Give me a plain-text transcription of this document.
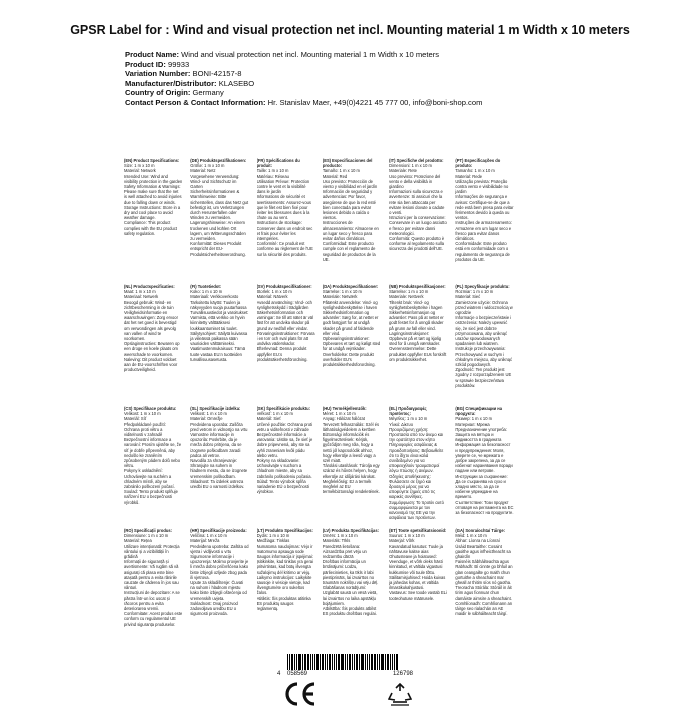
GPSR Label for : Wind and visual protection net incl. Mounting material 1 m Width x 10 meters
Product Name: Wind and visual protection net incl. Mounting material 1 m Width x 10 meters
Product ID: 99933
Variation Number: BONI-42157-8
Manufacturer/Distributor: KLASEBO
Country of Origin: Germany
Contact Person & Contact Information: Hr. Stanislav Maer, +49(0)4221 45 777 00, info@boni-shop.com
(EN) Product Specifications:
Size: 1 m x 10 m
Material: Network
Intended Use: Wind and visibility protection in the garden
Safety Information & Warnings: Please make sure that the net is well attached to avoid injuries due to falling down or winds.
Storage Instructions: Store in a dry and cool place to avoid weather damage.
Compliance: This product complies with the EU product safety regulation.
(DE) Produktspezifikationen:
Größe: 1 m x 10 m
Material: Netz
Vorgesehene Verwendung: Wind- und Sichtschutz im Garten
Sicherheitsinformationen & Warnhinweise: Bitte sicherstellen, dass das Netz gut befestigt ist, um Verletzungen durch Herunterfallen oder Winden zu vermeiden.
Lagerungshinweise: An einem trockenen und kühlen Ort lagern, um Witterungsschäden zu vermeiden.
Konformität: Dieses Produkt entspricht der EU-Produktsicherheitsverordnung.
(FR) Spécifications du produit:
Taille: 1 m x 10 m
Matériau: Réseau
Utilisation Prévue: Protection contre le vent et la visibilité dans le jardin
Informations de sécurité et avertissements: Assurez-vous que le filet est bien fixé pour éviter les blessures dues à la chute ou au vent.
Instructions de stockage: Conserver dans un endroit sec et frais pour éviter les intempéries.
Conformité: Ce produit est conforme au règlement de l'UE sur la sécurité des produits.
(ES) Especificaciones del producto:
Tamaño: 1 m x 10 m
Material: Red
Uso previsto: Protección de viento y visibilidad en el jardín
Información de seguridad y advertencias: Por favor, asegúrese de que la red esté bien conectada para evitar lesiones debido a caída o vientos.
Instrucciones de almacenamiento: Almacene en un lugar seco y fresco para evitar daños climáticos.
Conformidad: Este producto cumple con el reglamento de seguridad de productos de la UE.
(IT) Specifiche del prodotto:
Dimensioni: 1 m x 10 m
Materiale: Rete
Uso previsto: Protezione del vento e della visibilità in giardino
Informazioni sulla sicurezza e avvertenze: Si assicuri che la rete sia ben attaccata per evitare lesioni dovute a cadute o venti.
Istruzioni per la conservazione: Conservare in un luogo asciutto e fresco per evitare danni meteorologici.
Conformità: Questo prodotto è conforme al regolamento sulla sicurezza dei prodotti dell'UE.
(PT) Especificações do produto:
Tamanho: 1 m x 10 m
Material: Rede
Utilização prevista: Proteção contra vento e visibilidade no jardim
Informações de segurança e avisos: Certifique-se de que a rede está bem presa para evitar ferimentos devido à queda ou ventos.
Instruções de armazenamento: Armazene em um lugar seco e fresco para evitar danos climáticos.
Conformidade: Este produto está em conformidade com o regulamento de segurança de produtos da UE.
(NL) Productspecificaties:
Maat: 1 m x 10 m
Materiaal: Netwerk
Beoogd gebruik: Wind- en zichtbescherming in de tuin
Veiligheidsinformatie en waarschuwingen: Zorg ervoor dat het net goed is bevestigd om verwondingen als gevolg van vallen of wind te voorkomen.
Opslaginstructies: Bewaren op een droge en koele plaats om weerschade te voorkomen.
Naleving: Dit product voldoet aan de EU-voorschriften voor productveiligheid.
(FI) Tuotetiedot:
Koko: 1 m x 10 m
Materiaali: Verkkoverkosto
Tarkoitettu käyttö: Tuulen ja näkyvyyden suoja puutarhassa
Turvallisuustiedot ja varoitukset: Varmista, että verkko on hyvin kiinnitetty välttääksesi loukkaantumiset tai tuulet.
Säilytysohjeet: Säilytä kuivassa ja viileässä paikassa sään vaurioiden välttämiseksi.
Vaatimustenmukaisuus: Tämä tuote vastaa EU:n tuotteiden turvallisuusasetusta.
(SV) Produktspecifikationer:
Storlek: 1 m x 10 m
Material: Nätverk
Avsedd användning: Vind- och synlighetsskydd i trädgården
Säkerhetsinformation och varningar: Se till att nätet är väl fäst för att undvika skador på grund av nedfall eller vindar.
Förvaringsinstruktioner: Förvara i en torr och sval plats för att undvika väderskador.
Efterlevnad: Denna produkt uppfyller EU:s produktsäkerhetsförordning.
(DA) Produktspecifikationer:
Størrelse: 1 m x 10 m
Materiale: Netværk
Påtænkt anvendelse: Vind- og synlighedsbeskyttelse i haven
Sikkerhedsinformation og advarsler: Sørg for, at nettet er godt fastgjort for at undgå skader på grund af faldende eller vind.
Opbevaringsinstruktioner: Opbevares et tørt og køligt sted for at undgå vejrskader.
Overholdelse: Dette produkt overholder EU's produktsikkerhedsforordning.
(NB) Produktspesifikasjoner:
Størrelse: 1 m x 10 m
Materiale: Nettverk
Tiltenkt bruk: Vind- og synlighetsbeskyttelse i hagen
Sikkerhetsinformasjon og advarsler: Pass på at nettet er godt festet for å unngå skader på grunn av fall eller vind.
Lagringsinstruksjoner: Oppbevar på et tørt og kjølig sted for å unngå værskader.
Overensstemmelse: Dette produktet oppfyller EUs forskrift om produktsikkerhet.
(PL) Specyfikacje produktu:
Rozmiar: 1 m x 10 m
Materiał: Sieć
Zamierzone użycie: Ochrona przed wiatrem i widocznością w ogrodzie
Informacje o bezpieczeństwie i ostrzeżenia: Należy upewnić się, że sieć jest dobrze przymocowana, aby uniknąć urazów spowodowanych spadaniem lub wiatrem.
Instrukcje przechowywania: Przechowywać w suchym i chłodnym miejscu, aby uniknąć szkód pogodowych.
Zgodność: Ten produkt jest zgodny z rozporządzeniem UE w sprawie bezpieczeństwa produktów.
(CS) Specifikace produktu:
Velikost: 1 m x 10 m
Materiál: Síť
Předpokládané použití: Ochrana proti větru a viditelnosti v zahradě
Bezpečnostní informace a varování: Prosím ujistěte se, že síť je dobře připevněná, aby nedošlo ke zraněním způsobeným pádem dolů nebo větru.
Pokyny k uskladnění: Uchovávejte na suchém a chladném místě, aby se zabránilo poškození počasí.
Soulad: Tento produkt splňuje nařízení EU o bezpečnosti výrobků.
(SL) Specifikacije izdelka:
Velikost: 1 m x 10 m
Material: Omrežje
Predvidena uporaba: Zaščita pred vetrom in vidnostjo na vrtu
Varnostne informacije in opozorila: Poskrbite, da je mreža dobro pritrjena, da se izognete poškodbam zaradi padca ali vetrov.
Navodila za shranjevanje: Shranjujte na suhem in hladnem mestu, da se izognete vremenskim poškodbam.
Skladnost: Ta izdelek ustreza uredbi EU o varnosti izdelkov.
(SK) Špecifikácie produktu:
Veľkosť: 1 m x 10 m
Materiál: Sieť
Určené použitie: Ochrana proti vetru a viditeľnosti v záhrade
Bezpečnostné informácie a varovania: Uistite sa, že sieť je dobre pripevnená, aby ste sa vyhli zraneniam kvôli pádu alebo vetru.
Pokyny na skladovanie: Uchovávajte v suchom a chladnom mieste, aby sa zabránilo poškodeniu počasia.
Súlad: Tento výrobok spĺňa nariadenie EÚ o bezpečnosti výrobkov.
(HU) Termékjellemzők:
Méret: 1 m x 10 m
Anyag: Hálózat hálózat
Tervezett felhasználás: Szél és láthatóságvédelem a kertben
Biztonsági információk és figyelmeztetések: Kérjük, győződjön meg róla, hogy a nettó jól kapcsolódik ahhoz, hogy elkerülje a leeső vagy a szél miatt.
Tárolási utasítások: Tárolja egy száraz és hűvös helyen, hogy elkerülje az időjárási károkat.
Megfelelőség: Ez a termék megfelel az EU termékbiztonsági rendeletének.
(EL) Προδιαγραφές προϊόντος:
Μέγεθος: 1 m x 10 m
Υλικό: Δίκτυο
Προοριζόμενη χρήση: Προστασία από τον άνεμο και την ορατότητα στον κήπο
Πληροφορίες ασφάλειας & προειδοποιήσεις: Βεβαιωθείτε ότι το δίχτυ είναι καλά συνδεδεμένο για να αποφευχθούν τραυματισμοί λόγω πτώσης ή ανέμων.
Οδηγίες αποθήκευσης: Φυλάσσετε σε ξηρό και δροσερό μέρος για να αποφύγετε ζημιές από τις καιρικές συνθήκες.
Συμμόρφωση: Το προϊόν αυτό συμμορφώνεται με τον κανονισμό της ΕΕ για την ασφάλεια των προϊόντων.
(BG) Спецификации на продукта:
Размер: 1 m x 10 m
Материал: Мрежа
Предназначение употреба: Защита на вятъра и видимостта в градината
Информация за безопасност и предупреждения: Моля, уверете се, че мрежата е добре закрепена, за да се избегнат наранявания поради падане или ветрове.
Инструкции за съхранение: Да се съхранява на сухо и хладно място, за да се избегне увреждане на времето.
Съответствие: Този продукт отговаря на регламента на ЕС за безопасност на продуктите.
(RO) Specificații produs:
Dimensiune: 1 m x 10 m
Material: Rețea
Utilizare intenționată: Protecția vântului și a vizibilității în grădină
Informații de siguranță și avertismente: Vă rugăm să vă asigurați că plasa este bine atașată pentru a evita rănirile cauzate de căderea în jos sau vânturi.
Instrucțiuni de depozitare: A se păstra într-un loc uscat și răcoros pentru a evita deteriorarea vremii.
Conformitate: Acest produs este conform cu regulamentul UE privind siguranța produselor.
(HR) Specifikacije proizvoda:
Veličina: 1 m x 10 m
Materijal: Mreža
Predviđena upotreba: Zaštita od vjetra i vidljivosti u vrtu
Sigurnosne informacije i upozorenja: Molimo provjerite je li mreža dobro pričvršćena kako biste izbjegli ozljede zbog pada ili vjetrova.
Upute za skladištenje: Čuvati na suhom i hladnom mjestu kako biste izbjegli oštećenja od vremenskih uvjeta.
Sukladnost: Ovaj proizvod zadovoljava uredbu EU o sigurnosti proizvoda.
(LT) Produkto Specifikacijos:
Dydis: 1 m x 10 m
Medžiaga: Tinklas
Numatoma naudojimas: Vėjo ir matomumo apsauga sode
Saugos informacija ir įspėjimai: Įsitikinkite, kad tinklas yra gerai pritvirtintas, kad būtų išvengta sužalojimų dėl kritimo ar vėjų.
Laikymo instrukcijos: Laikykite sausoje ir vėsioje vietoje, kad išvengtumėte oro sukeltos žalos.
Atitiktis: Šis produktas atitinka ES produktų saugos reglamentą.
(LV) Produkta Specifikācijas:
Izmērs: 1 m x 10 m
Materiāls: Tīkls
Paredzētā lietošana: Aizsardzība pret vēju un redzamību dārzā
Drošības informācija un brīdinājumi: Lūdzu, pārliecinieties, ka tīkls ir labi piestiprināts, lai izvairītos no traumām nokrišņu vai vēju dēļ.
Glabāšanas norādījumi: Uzglabāt sausā un vēsā vietā, lai izvairītos no laika apstākļu bojājumiem.
Atbilstība: Šis produkts atbilst ES produktu drošības regulai.
(ET) Toote spetsifikatsioonid:
Suurus: 1 m x 10 m
Materjal: Võrk
Kavandatud kasutus: Tuule ja nähtavuse kaitse aias
Ohutusteave ja hoiatused: Veenduge, et võrk oleks hästi kinnitatud, et vältida vigastusi kukkumise või tuule tõttu.
Säilitamisjuhised: Hoida kuivas ja jahedas kohas, et vältida ilmastikukahjustusi.
Vastavus: See toode vastab ELi tooteohutuse määrusele.
(GA) Sonraíochtaí Táirge:
Méid: 1 m x 10 m
Ábhar: Líonra na Líonraí
Úsáid Beartaithe: Cosaint gaoithe agus infheictheacht sa ghairdín
Faisnéis Sábháilteachta agus Rabhadh: Bí cinnte go bhfuil an glan ceangailte go maith chun gortuithe a sheachaint mar gheall ar thitim síos nó gaotha.
Treoracha Stórála: Stóráil in áit tirim agus fionnuar chun damáiste aimsire a sheachaint.
Comhlíonadh: Comhlíonann an táirge seo rialachán an AE maidir le sábháilteacht táirgí.
4 058569	126798
